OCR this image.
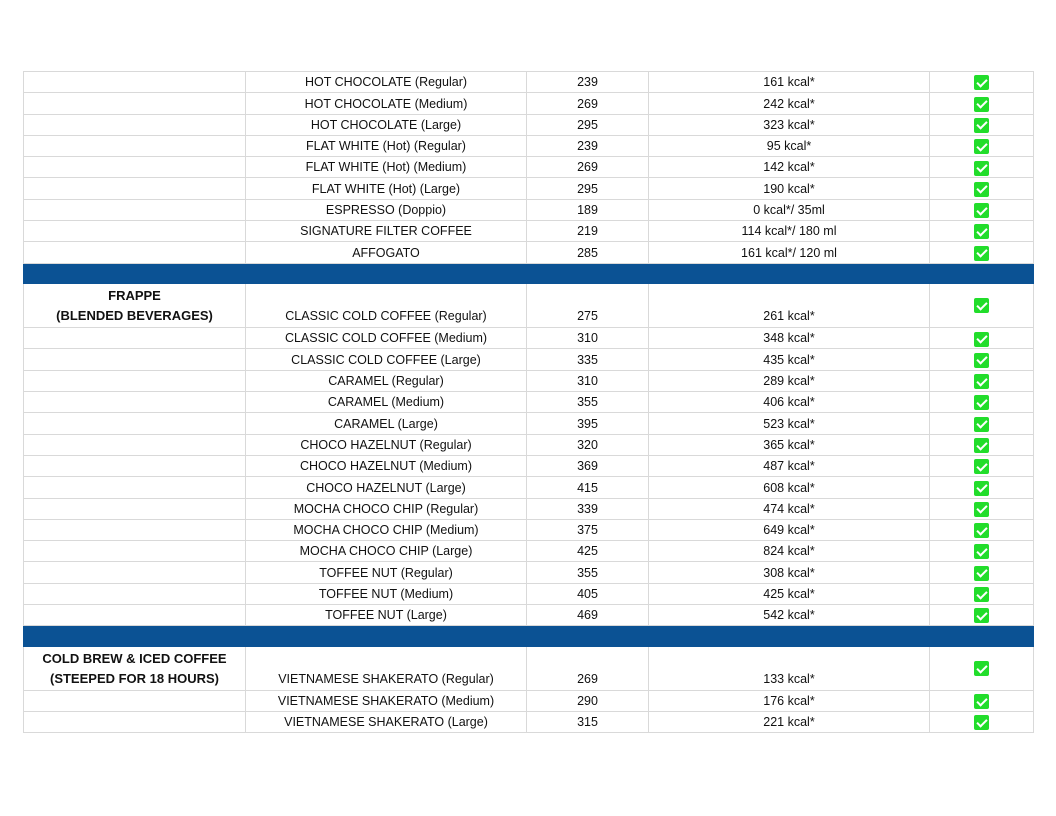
	HOT CHOCOLATE (Regular)	239	161 kcal*	
	HOT CHOCOLATE (Medium)	269	242 kcal*	
	HOT CHOCOLATE (Large)	295	323 kcal*	
	FLAT WHITE (Hot) (Regular)	239	95 kcal*	
	FLAT WHITE (Hot) (Medium)	269	142 kcal*	
	FLAT WHITE (Hot) (Large)	295	190 kcal*	
	ESPRESSO (Doppio)	189	0 kcal*/ 35ml	
	SIGNATURE FILTER COFFEE	219	114 kcal*/ 180 ml	
	AFFOGATO	285	161 kcal*/ 120 ml	

FRAPPE
(BLENDED BEVERAGES)	CLASSIC COLD COFFEE (Regular)	275	261 kcal*	
	CLASSIC COLD COFFEE (Medium)	310	348 kcal*	
	CLASSIC COLD COFFEE (Large)	335	435 kcal*	
	CARAMEL (Regular)	310	289 kcal*	
	CARAMEL (Medium)	355	406 kcal*	
	CARAMEL (Large)	395	523 kcal*	
	CHOCO HAZELNUT (Regular)	320	365 kcal*	
	CHOCO HAZELNUT (Medium)	369	487 kcal*	
	CHOCO HAZELNUT (Large)	415	608 kcal*	
	MOCHA CHOCO CHIP (Regular)	339	474 kcal*	
	MOCHA CHOCO CHIP (Medium)	375	649 kcal*	
	MOCHA CHOCO CHIP (Large)	425	824 kcal*	
	TOFFEE NUT (Regular)	355	308 kcal*	
	TOFFEE NUT (Medium)	405	425 kcal*	
	TOFFEE NUT (Large)	469	542 kcal*	

COLD BREW & ICED COFFEE
(STEEPED FOR 18 HOURS)	VIETNAMESE SHAKERATO (Regular)	269	133 kcal*	
	VIETNAMESE SHAKERATO (Medium)	290	176 kcal*	
	VIETNAMESE SHAKERATO (Large)	315	221 kcal*	
